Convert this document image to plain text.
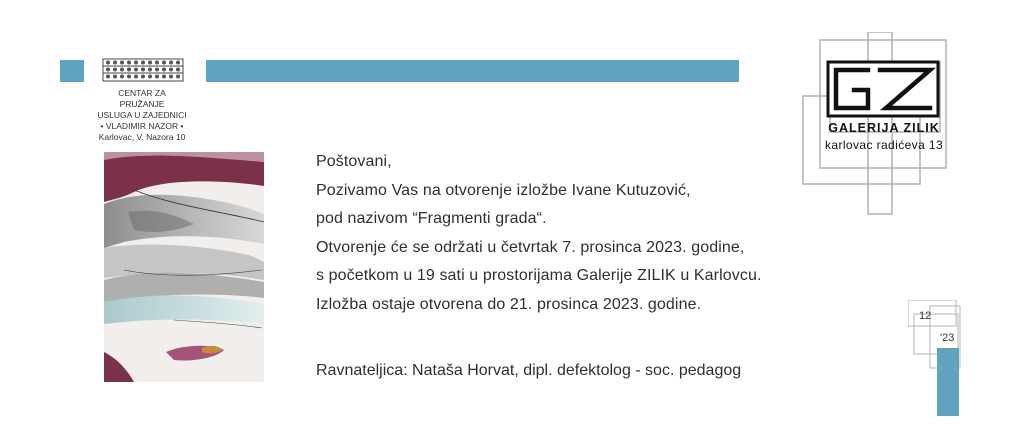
CENTAR ZA PRUŽANJE
USLUGA U ZAJEDNICI
• VLADIMIR NAZOR •
Karlovac, V. Nazora 10
Poštovani,
Pozivamo Vas na otvorenje izložbe Ivane Kutuzović,
pod nazivom “Fragmenti grada“.
Otvorenje će se održati u četvrtak 7. prosinca 2023. godine,
s početkom u 19 sati u prostorijama Galerije ZILIK u Karlovcu.
Izložba ostaje otvorena do 21. prosinca 2023. godine.
Ravnateljica: Nataša Horvat, dipl. defektolog - soc. pedagog
GALERIJA ZILIK
karlovac radićeva 13
12
'23
